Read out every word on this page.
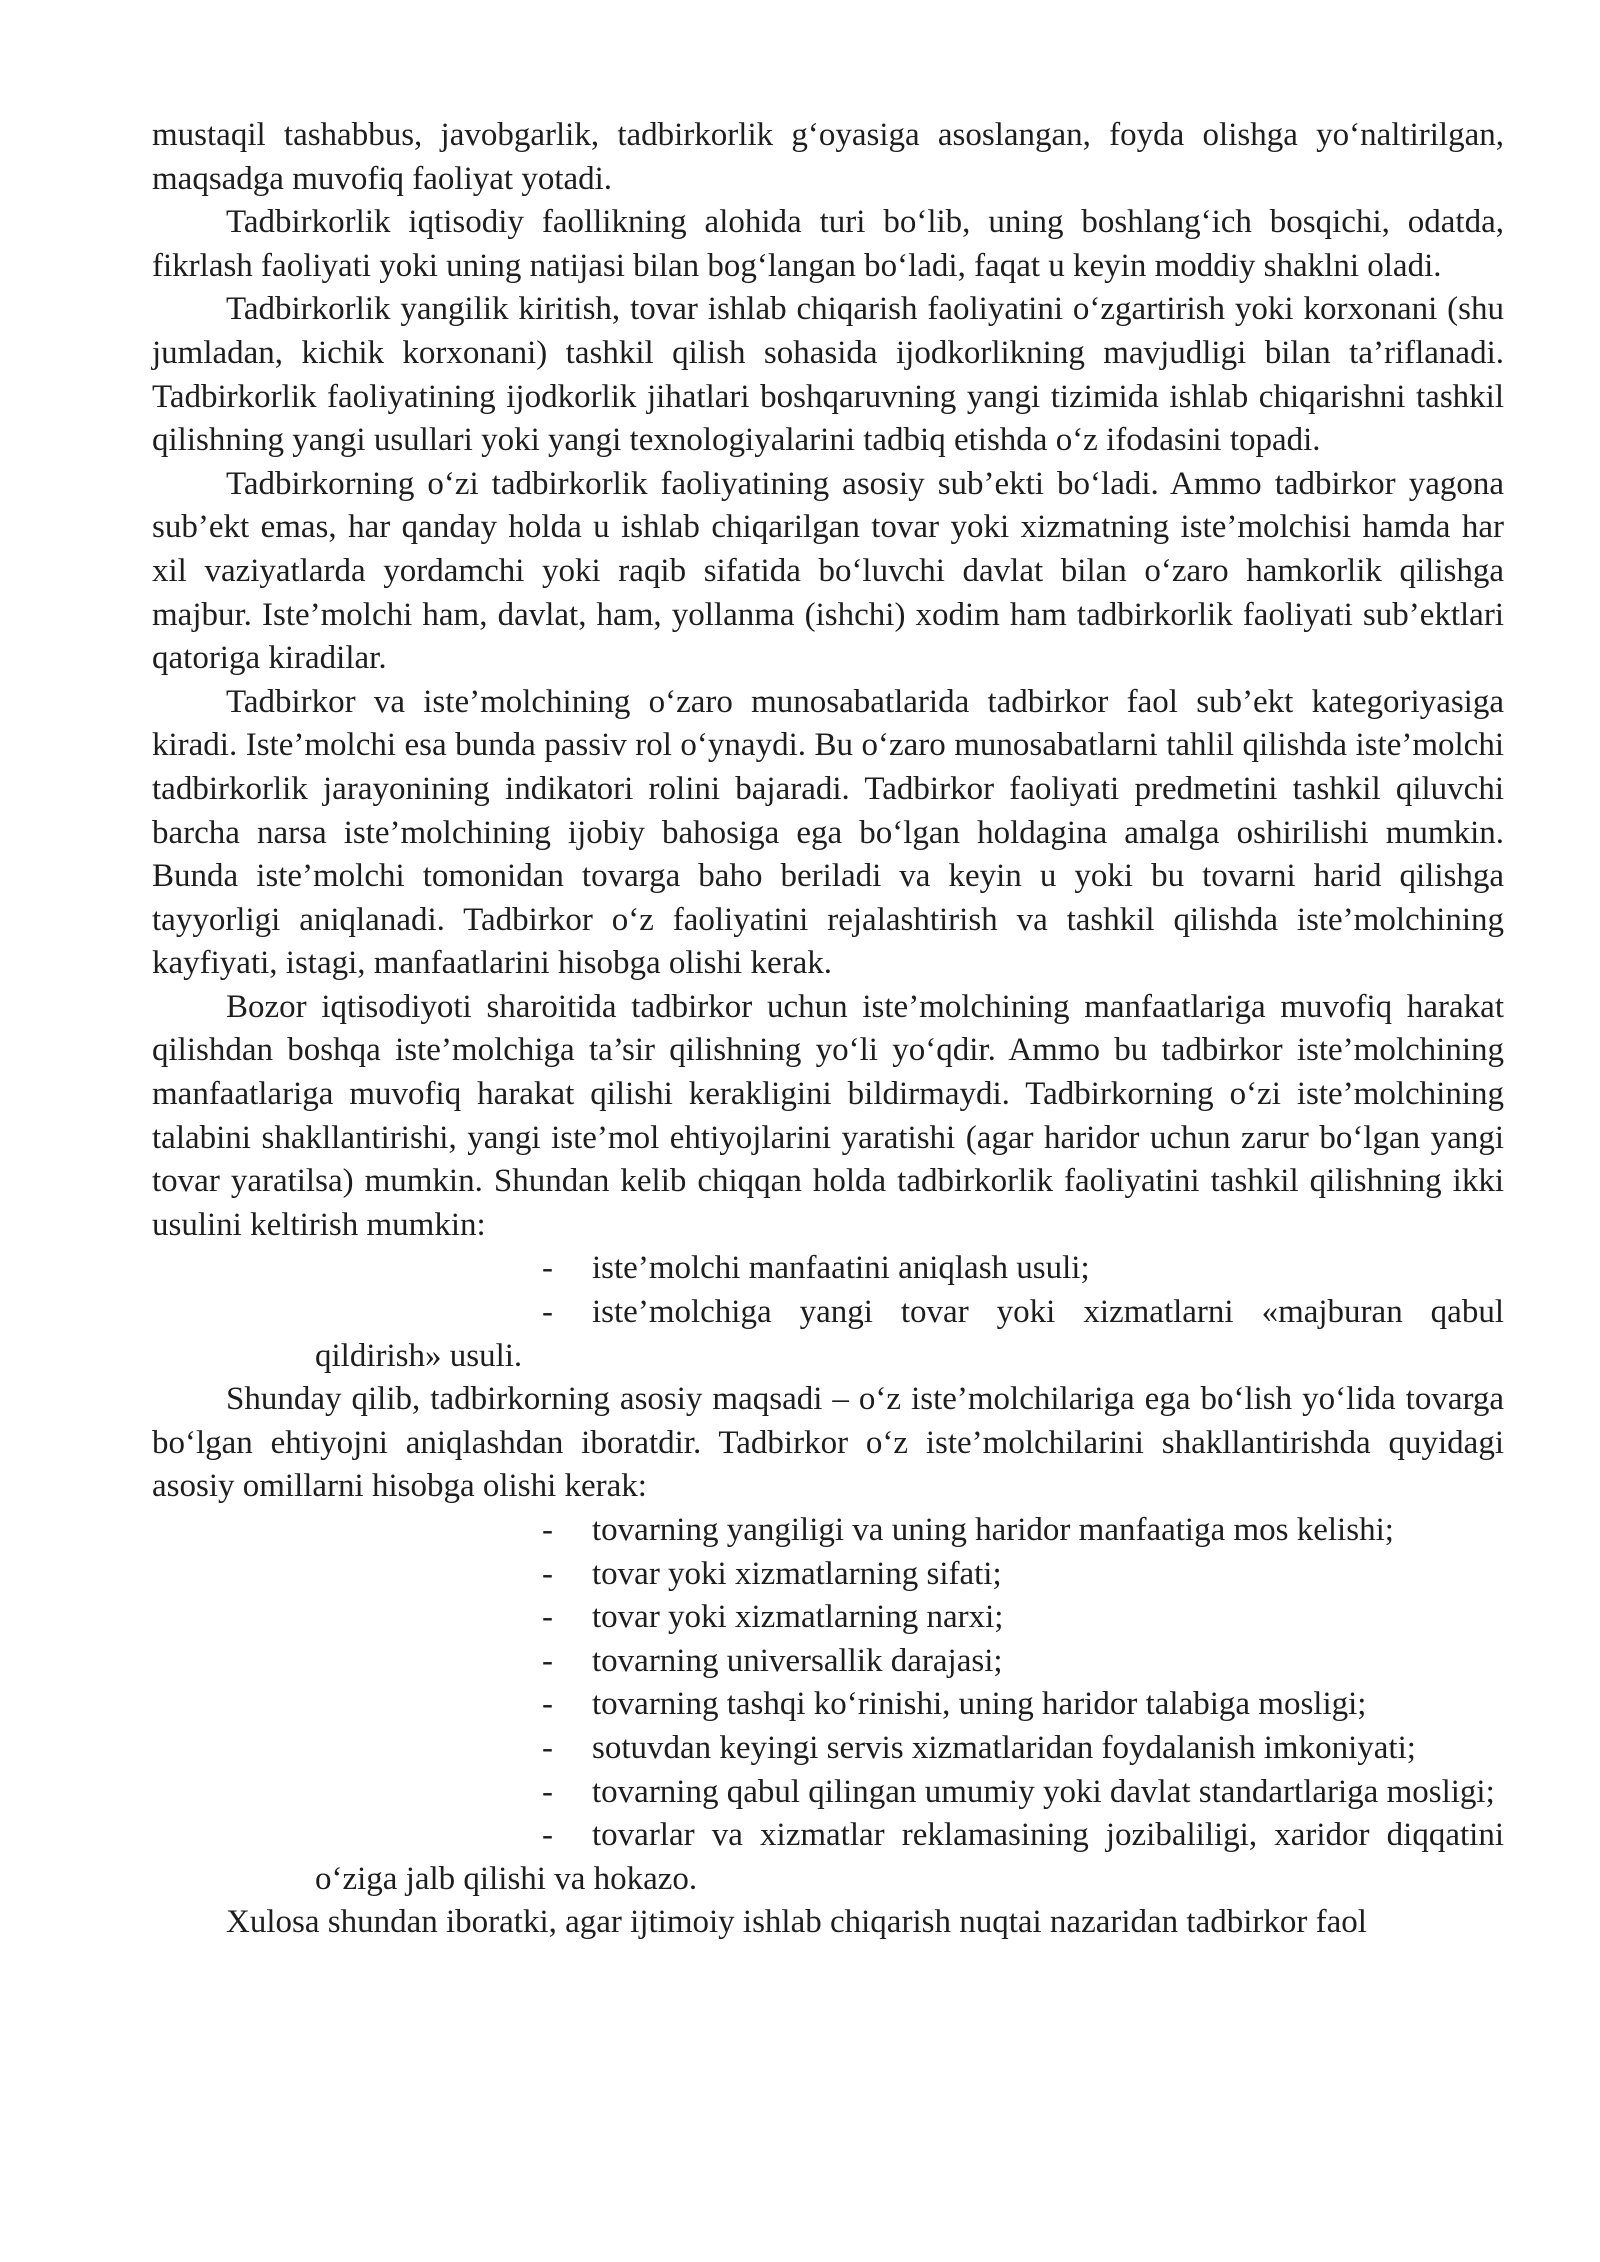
mustaqil tashabbus, javobgarlik, tadbirkorlik g‘oyasiga asoslangan, foyda olishga yo‘naltirilgan, maqsadga muvofiq faoliyat yotadi.

Tadbirkorlik iqtisodiy faollikning alohida turi bo‘lib, uning boshlang‘ich bosqichi, odatda, fikrlash faoliyati yoki uning natijasi bilan bog‘langan bo‘ladi, faqat u keyin moddiy shaklni oladi.

Tadbirkorlik yangilik kiritish, tovar ishlab chiqarish faoliyatini o‘zgartirish yoki korxonani (shu jumladan, kichik korxonani) tashkil qilish sohasida ijodkorlikning mavjudligi bilan ta’riflanadi. Tadbirkorlik faoliyatining ijodkorlik jihatlari boshqaruvning yangi tizimida ishlab chiqarishni tashkil qilishning yangi usullari yoki yangi texnologiyalarini tadbiq etishda o‘z ifodasini topadi.

Tadbirkorning o‘zi tadbirkorlik faoliyatining asosiy sub’ekti bo‘ladi. Ammo tadbirkor yagona sub’ekt emas, har qanday holda u ishlab chiqarilgan tovar yoki xizmatning iste’molchisi hamda har xil vaziyatlarda yordamchi yoki raqib sifatida bo‘luvchi davlat bilan o‘zaro hamkorlik qilishga majbur. Iste’molchi ham, davlat, ham, yollanma (ishchi) xodim ham tadbirkorlik faoliyati sub’ektlari qatoriga kiradilar.

Tadbirkor va iste’molchining o‘zaro munosabatlarida tadbirkor faol sub’ekt kategoriyasiga kiradi. Iste’molchi esa bunda passiv rol o‘ynaydi. Bu o‘zaro munosabatlarni tahlil qilishda iste’molchi tadbirkorlik jarayonining indikatori rolini bajaradi. Tadbirkor faoliyati predmetini tashkil qiluvchi barcha narsa iste’molchining ijobiy bahosiga ega bo‘lgan holdagina amalga oshirilishi mumkin. Bunda iste’molchi tomonidan tovarga baho beriladi va keyin u yoki bu tovarni harid qilishga tayyorligi aniqlanadi. Tadbirkor o‘z faoliyatini rejalashtirish va tashkil qilishda iste’molchining kayfiyati, istagi, manfaatlarini hisobga olishi kerak.

Bozor iqtisodiyoti sharoitida tadbirkor uchun iste’molchining manfaatlariga muvofiq harakat qilishdan boshqa iste’molchiga ta’sir qilishning yo‘li yo‘qdir. Ammo bu tadbirkor iste’molchining manfaatlariga muvofiq harakat qilishi kerakligini bildirmaydi. Tadbirkorning o‘zi iste’molchining talabini shakllantirishi, yangi iste’mol ehtiyojlarini yaratishi (agar haridor uchun zarur bo‘lgan yangi tovar yaratilsa) mumkin. Shundan kelib chiqqan holda tadbirkorlik faoliyatini tashkil qilishning ikki usulini keltirish mumkin:

- iste’molchi manfaatini aniqlash usuli;

- iste’molchiga yangi tovar yoki xizmatlarni «majburan qabul qildirish» usuli.

Shunday qilib, tadbirkorning asosiy maqsadi – o‘z iste’molchilariga ega bo‘lish yo‘lida tovarga bo‘lgan ehtiyojni aniqlashdan iboratdir. Tadbirkor o‘z iste’molchilarini shakllantirishda quyidagi asosiy omillarni hisobga olishi kerak:

- tovarning yangiligi va uning haridor manfaatiga mos kelishi;

- tovar yoki xizmatlarning sifati;

- tovar yoki xizmatlarning narxi;

- tovarning universallik darajasi;

- tovarning tashqi ko‘rinishi, uning haridor talabiga mosligi;

- sotuvdan keyingi servis xizmatlaridan foydalanish imkoniyati;

- tovarning qabul qilingan umumiy yoki davlat standartlariga mosligi;

- tovarlar va xizmatlar reklamasining jozibaliligi, xaridor diqqatini o‘ziga jalb qilishi va hokazo.

Xulosa shundan iboratki, agar ijtimoiy ishlab chiqarish nuqtai nazaridan tadbirkor faol
